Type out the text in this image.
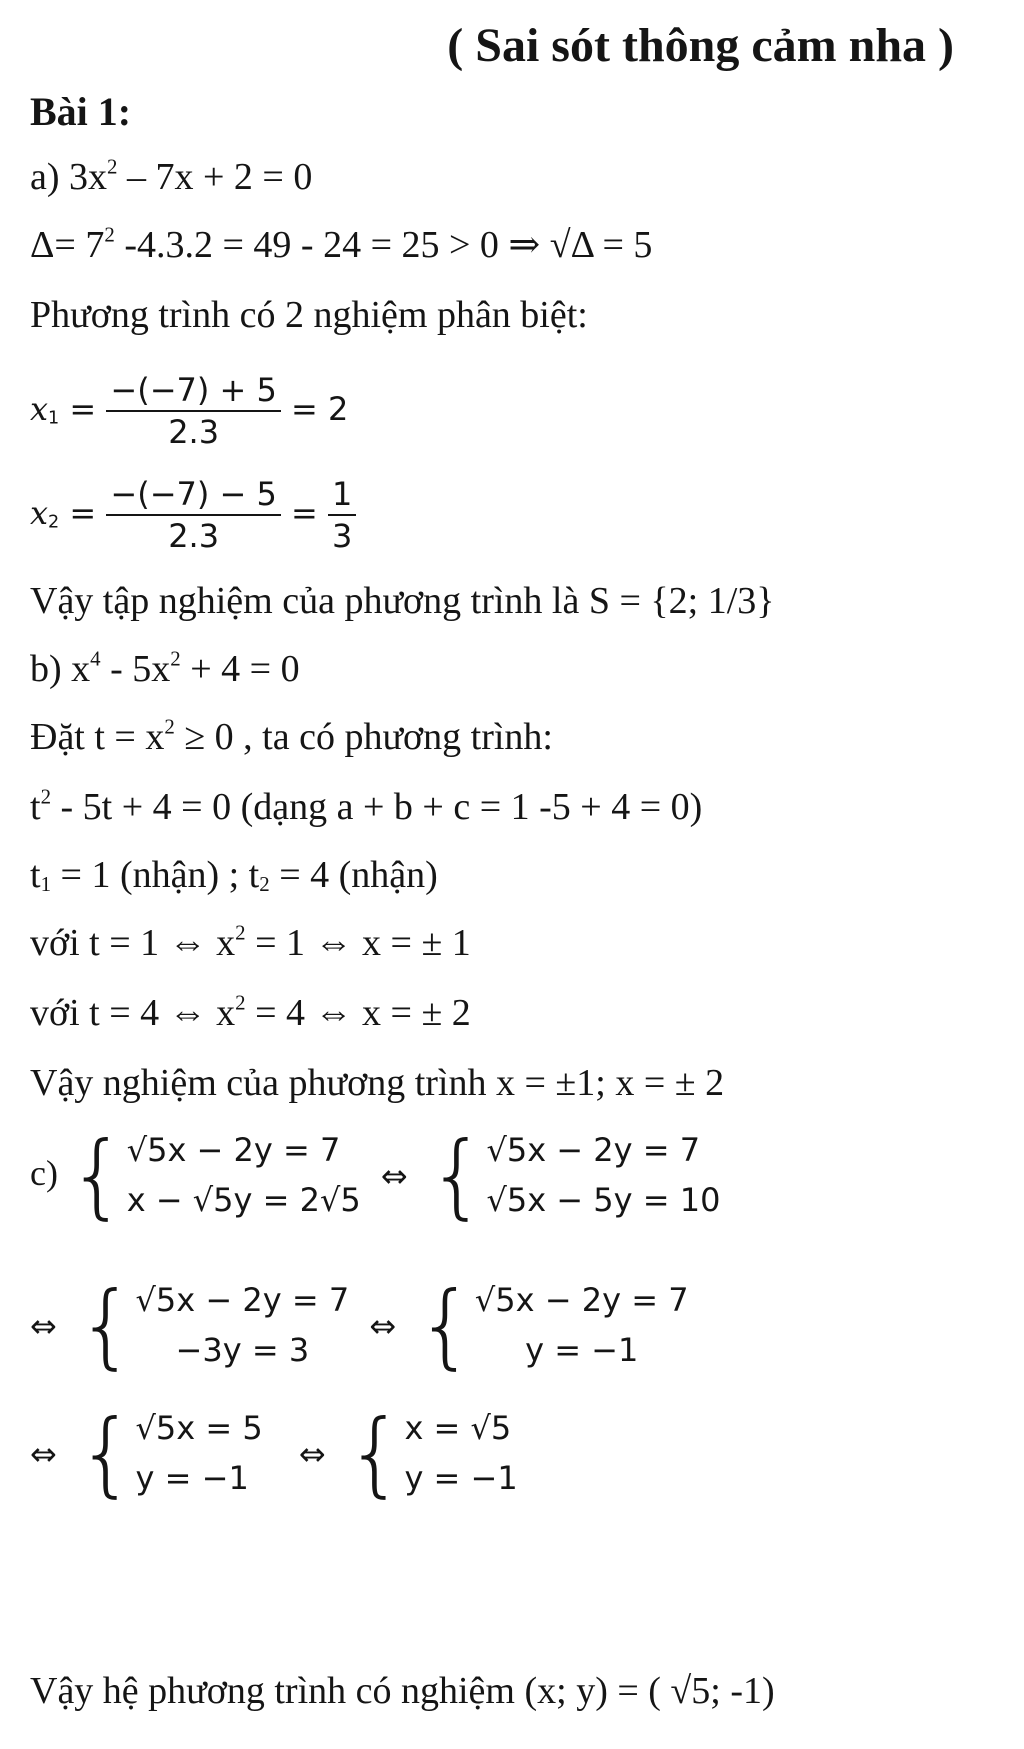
( Sai sót thông cảm nha )
Bài 1:
a) $3x^2 - 7x + 2 = 0$
$\Delta= 7^2$ -4.3.2 = 49 - 24 = 25 > 0 ⇒ √Δ = 5
Phương trình có 2 nghiệm phân biệt:
$x_1 = \frac{-(-7) + 5}{2.3} = 2$
$x_2 = \frac{-(-7) - 5}{2.3} = \frac{1}{3}$
Vậy tập nghiệm của phương trình là S = {2; 1/3}
b) $x^4 - 5x^2 + 4 = 0$
Đặt $t = x^2 \ge 0$ , ta có phương trình:
$t^2 - 5t + 4 = 0$ (dạng a + b + c = 1 -5 + 4 = 0)
$t_1 = 1$ (nhận) ; $t_2 = 4$ (nhận)
với t = 1 ⇔ $x^2 = 1$ ⇔ x = ± 1
với t = 4 ⇔ $x^2 = 4$ ⇔ x = ± 2
Vậy nghiệm của phương trình x = ±1; x = ± 2
c) { √5x − 2y = 7
x − √5y = 2√5
⇔ { √5x − 2y = 7
√5x − 5y = 10
⇔ { √5x − 2y = 7
−3y = 3
⇔ { √5x − 2y = 7
y = −1
⇔ { √5x = 5
y = −1
⇔ { x = √5
y = −1
Vậy hệ phương trình có nghiệm (x; y) = ( √5; -1)
